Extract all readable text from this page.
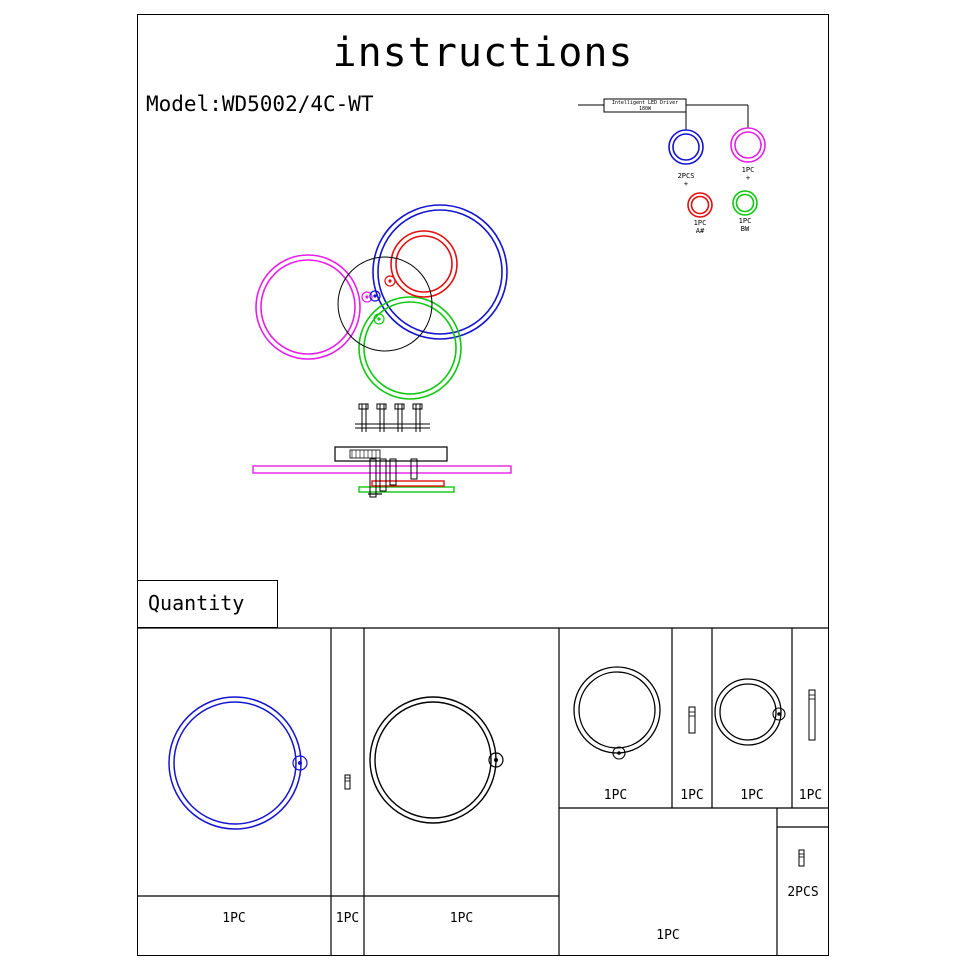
instructions
Model:WD5002/4C-WT	Intelligent LED Driver
180W
2PCS
+
1PC
+
1PC
A#
1PC
BW
Quantity
1PC	1PC	1PC
1PC	1PC	1PC	1PC
1PC
2PCS
